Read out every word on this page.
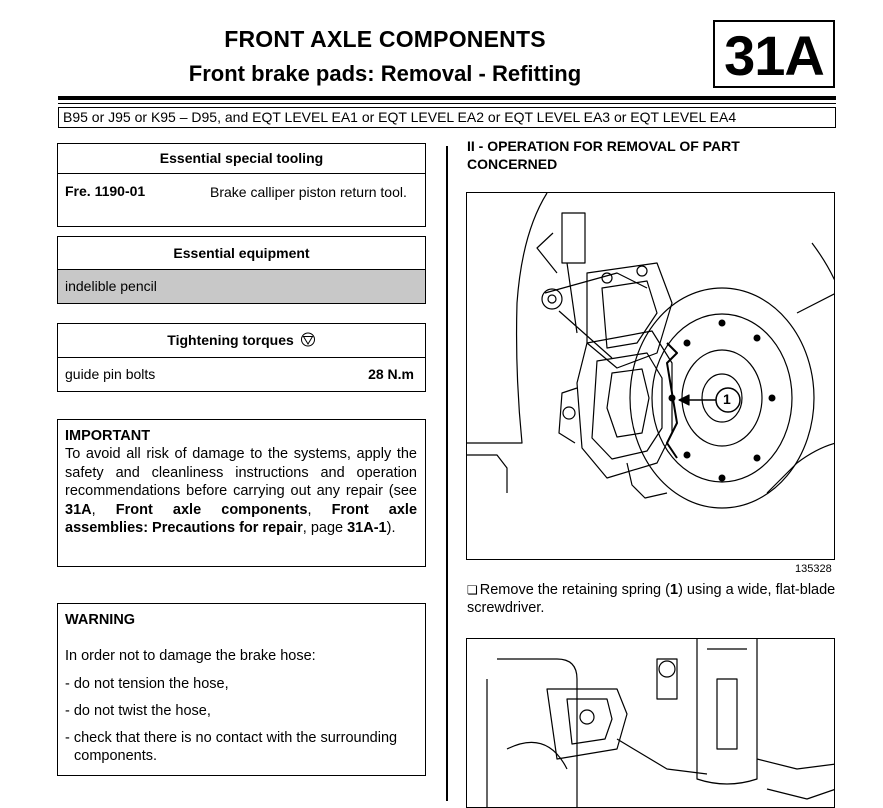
FRONT AXLE COMPONENTS
Front brake pads: Removal - Refitting	31A
B95 or J95 or K95 – D95, and EQT LEVEL EA1 or EQT LEVEL EA2 or EQT LEVEL EA3 or EQT LEVEL EA4
Essential special tooling
Fre. 1190-01	Brake calliper piston return tool.
Essential equipment
indelible pencil
Tightening torques
guide pin bolts	28 N.m
IMPORTANT

To avoid all risk of damage to the systems, apply the safety and cleanliness instructions and operation recommendations before carrying out any repair (see 31A, Front axle components, Front axle assemblies: Precautions for repair, page 31A-1).

WARNING

In order not to damage the brake hose:

- do not tension the hose,

- do not twist the hose,

- check that there is no contact with the surrounding components.

II - OPERATION FOR REMOVAL OF PART
CONCERNED
1
135328
❏ Remove the retaining spring (1) using a wide, flat-blade screwdriver.
